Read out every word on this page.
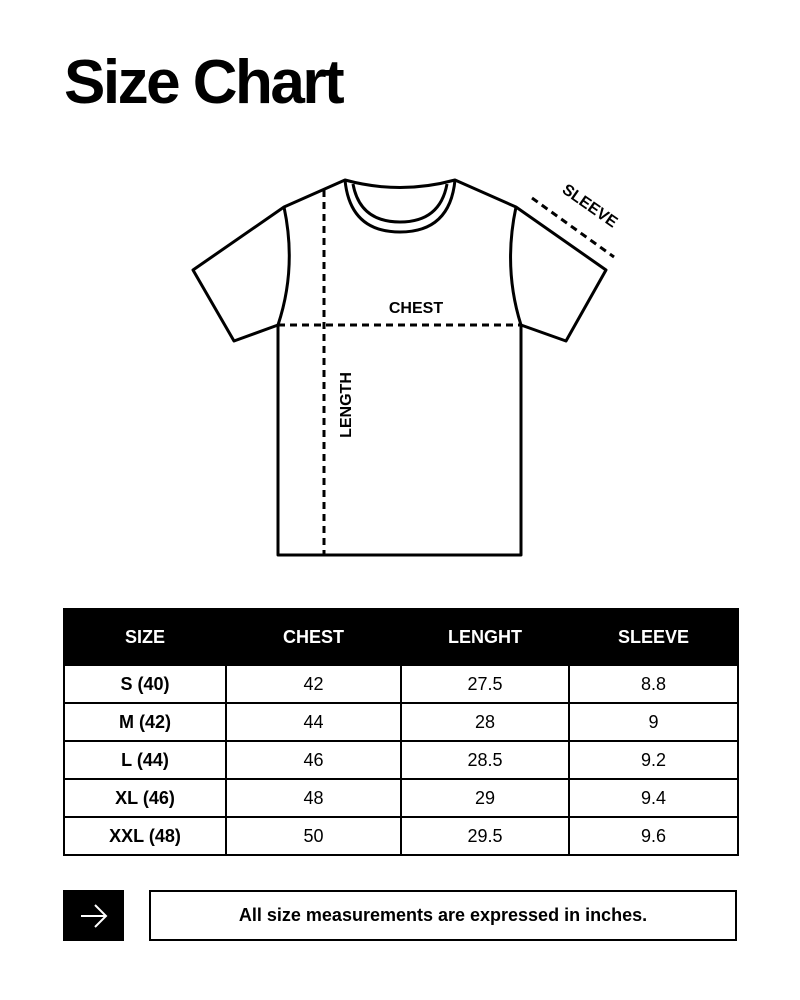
Size Chart
CHEST
LENGTH
SLEEVE
SIZE	CHEST	LENGHT	SLEEVE
S (40)	42	27.5	8.8
M (42)	44	28	9
L (44)	46	28.5	9.2
XL (46)	48	29	9.4
XXL (48)	50	29.5	9.6
All size measurements are expressed in inches.
